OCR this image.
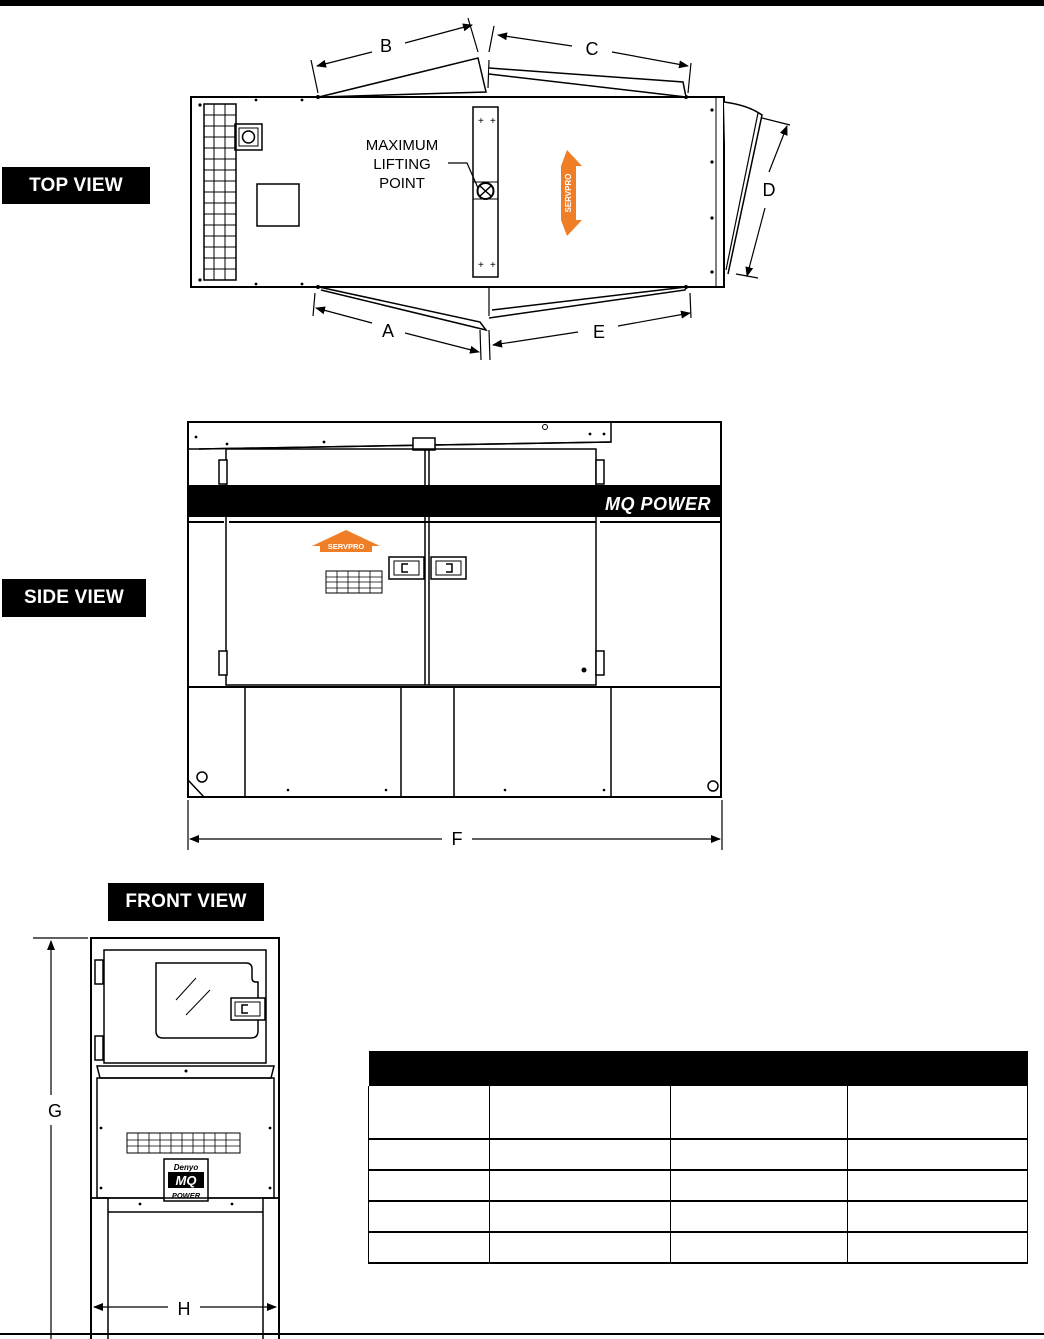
TOP VIEW
SIDE VIEW
FRONT VIEW
+ +
+ +
SERVPRO
MAXIMUM
LIFTING
POINT
B	C
A	E
D
SERVPRO
MQ POWER
F
Denyo
MQ
POWER
G
H
